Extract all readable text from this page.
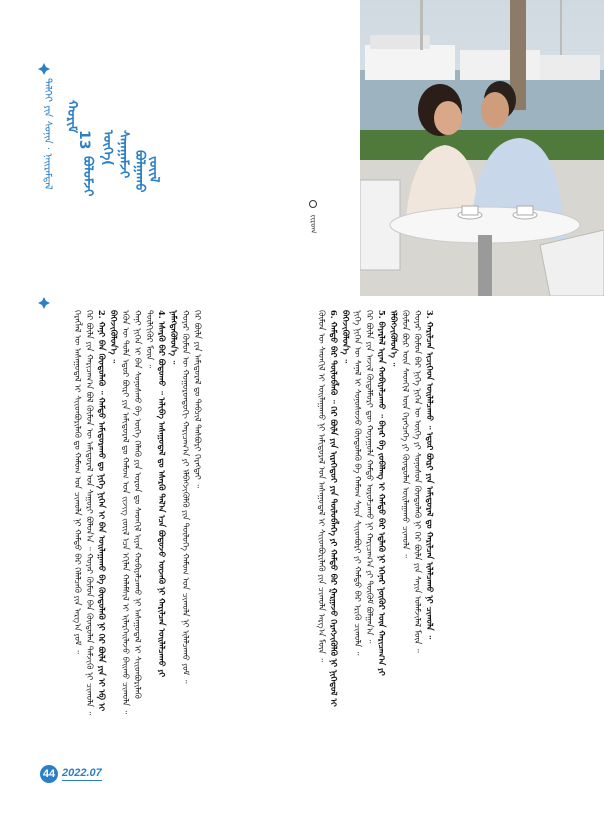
ᠳᠡᠯᠬᠡᠢ ᠶᠢᠨ ᠰᠤᠨᠢᠨ · ᠨᠠᠢᠷᠠᠮᠳᠠᠯ ᠬᠤᠷᠢᠮ
13
ᠪᠤᠯᠤᠮᠵᠢ
ᠦᠭᠡ
( ᠰᠠᠨᠠᠭᠠᠮᠵᠢ ᠪᠤᠯᠭᠠᠬᠤ ᠵᠦᠢᠯ
ᠵᠢᠷᠤᠭ

ᠬᠡᠷᠡᠭᠯᠡᠯ ᠦ ᠠᠰᠠᠭᠤᠳᠠᠯ ᠢ ᠰᠢᠢᠳᠪᠦᠷᠢᠯᠡᠬᠦ ᠳᠤ ᠬᠠᠮᠤᠭ ᠤᠨ ᠴᠢᠬᠤᠯᠠ ᠨᠢ ᠬᠠᠮᠲᠤ ᠪᠠᠷ ᠬᠡᠯᠡᠯᠴᠡᠬᠦ ᠶᠢᠨ ᠠᠷᠭ᠎ᠠ ᠶᠤᠮ ᠃ ᠭᠡᠷ ᠪᠦᠯᠡ ᠶᠢᠨ ᠬᠠᠷᠢᠴᠠᠭ᠎ᠠ ᠪᠤᠯ ᠬᠦᠮᠦᠨ ᠦ ᠠᠮᠢᠳᠤᠷᠠᠯ ᠤᠨ ᠰᠠᠭᠤᠷᠢ ᠪᠤᠯᠤᠨ᠎ᠠ ᠃ ᠬᠣᠶᠠᠷ ᠬᠦᠮᠦᠨ ᠪᠡᠨ ᠬᠦᠨᠳᠦᠯᠡᠨ ᠳᠡᠮᠵᠢᠬᠦ ᠨᠢ ᠴᠢᠬᠤᠯᠠ ᠃ 2. ᠬᠠᠨᠢ ᠪᠡᠨ ᠬᠦᠨᠳᠦᠯᠡᠬᠦ ᠃ ᠬᠠᠮᠲᠤ ᠠᠮᠢᠳᠤᠷᠠᠬᠤ ᠳᠤ ᠨᠢᠭᠡ ᠨᠢᠭᠡᠨ ᠢ ᠪᠡᠨ ᠣᠢᠯᠠᠭᠠᠬᠤ ᠪᠠ ᠬᠦᠨᠳᠦᠯᠡᠬᠦ ᠨᠢ ᠭᠡᠷ ᠪᠦᠯᠡ ᠶᠢᠨ ᠡᠶ ᠡᠪ ᠢ ᠪᠡᠭᠡᠵᠢᠭᠦᠯᠦᠨ᠎ᠡ ᠃ ᠡᠭᠦᠨ ᠦ ᠲᠤᠯᠠ ᠡᠳᠦᠷ ᠪᠦᠷᠢ ᠶᠢᠨ ᠠᠮᠢᠳᠤᠷᠠᠯ ᠳᠤ ᠬᠠᠮᠤᠭ ᠤᠨ ᠵᠢᠵᠢᠭ ᠵᠦᠢᠯ ᠡᠴᠡ ᠡᠬᠢᠯᠡᠨ ᠬᠠᠯᠠᠮᠰᠢᠯ ᠢ ᠢᠯᠡᠷᠬᠡᠢᠯᠡᠵᠦ ᠪᠠᠢᠬᠤ ᠴᠢᠬᠤᠯᠠ ᠃ ᠬᠠᠨᠢ ᠨᠢᠭᠡᠨ ᠢ ᠪᠡᠨ ᠰᠣᠨᠣᠰᠬᠤ ᠪᠠ ᠦᠭᠡ ᠬᠡᠯᠡᠬᠦ ᠶᠢᠨ ᠣᠷᠣᠨ ᠳᠤ ᠰᠡᠳᠬᠢᠯ ᠢᠶᠡᠨ ᠬᠤᠪᠢᠶᠠᠯᠴᠠᠬᠤ ᠨᠢ ᠠᠰᠠᠭᠤᠳᠠᠯ ᠢ ᠰᠢᠢᠳᠪᠦᠷᠢᠯᠡᠬᠦ ᠲᠦᠯᠬᠢᠭᠦᠷ ᠮᠥᠨ ᠃ 4. ᠡᠰᠡᠷᠭᠦ ᠪᠡᠷ ᠪᠤᠳᠤᠬᠤ ᠃ ᠠᠯᠢᠪᠠ ᠠᠰᠠᠭᠤᠳᠠᠯ ᠳᠤ ᠡᠰᠡᠷᠭᠦ ᠲᠠᠯ᠎ᠠ ᠡᠴᠡ ᠪᠤᠳᠤᠵᠤ ᠦᠵᠡᠬᠦ ᠨᠢ ᠬᠠᠷᠢᠯᠴᠠᠨ ᠣᠢᠯᠠᠯᠴᠠᠬᠤ ᠶᠢ ᠨᠡᠮᠡᠭᠳᠡᠭᠦᠯᠦᠨ᠎ᠡ ᠃ ᠬᠣᠶᠠᠷ ᠬᠦᠮᠦᠨ ᠦ ᠬᠣᠭᠣᠷᠣᠨᠳᠣᠬᠢ ᠬᠠᠷᠢᠴᠠᠭ᠎ᠠ ᠶᠢ ᠡᠯᠪᠡᠭᠵᠢᠭᠦᠯᠬᠦ ᠶᠢᠨ ᠲᠥᠯᠦᠭᠡ ᠬᠠᠮᠤᠭ ᠤᠨ ᠴᠢᠬᠤᠯᠠ ᠨᠢ ᠢᠯᠠᠯᠴᠠᠬᠤ ᠶᠤᠮ ᠃ ᠭᠡᠷ ᠪᠦᠯᠡ ᠶᠢᠨ ᠠᠮᠢᠳᠤᠷᠠᠯ ᠳᠤ ᠲᠡᠪᠴᠢᠯ ᠲᠡᠰᠪᠦᠷᠢ ᠬᠡᠷᠡᠭᠲᠡᠢ ᠃	ᠬᠦᠮᠦᠨ ᠦ ᠰᠡᠳᠬᠢᠯ ᠢ ᠣᠢᠯᠠᠭᠠᠬᠤ ᠨᠢ ᠠᠮᠢᠳᠤᠷᠠᠯ ᠤᠨ ᠠᠰᠠᠭᠤᠳᠠᠯ ᠢ ᠰᠢᠢᠳᠪᠦᠷᠢᠯᠡᠬᠦ ᠶᠢᠨ ᠴᠢᠬᠤᠯᠠ ᠠᠷᠭ᠎ᠠ ᠮᠥᠨ ᠃ 6. ᠬᠠᠮᠲᠤ ᠪᠠᠷ ᠲᠥᠯᠦᠪᠯᠡᠬᠦ ᠃ ᠭᠡᠷ ᠪᠦᠯᠡ ᠶᠢᠨ ᠢᠷᠡᠭᠡᠳᠦᠢ ᠶᠢᠨ ᠲᠥᠯᠦᠪᠯᠡᠭᠡ ᠶᠢ ᠬᠠᠮᠲᠤ ᠪᠠᠷ ᠭᠠᠷᠭᠠᠵᠤ ᠬᠡᠷᠡᠭᠵᠢᠭᠦᠯᠬᠦ ᠨᠢ ᠨᠢᠭᠡᠳᠦᠯ ᠢ ᠪᠡᠭᠡᠵᠢᠭᠦᠯᠦᠨ᠎ᠡ ᠃ ᠨᠢᠭᠡ ᠨᠢᠭᠡᠨ ᠦ ᠰᠠᠨᠠᠯ ᠢ ᠰᠣᠨᠣᠰᠤᠵᠤ ᠬᠦᠨᠳᠦᠯᠡᠬᠦ ᠪᠠ ᠬᠠᠮᠤᠭ ᠰᠠᠶᠢᠨ ᠰᠢᠢᠳᠪᠦᠷᠢ ᠶᠢ ᠬᠠᠮᠲᠤ ᠪᠠᠷ ᠡᠷᠢᠬᠦ ᠴᠢᠬᠤᠯᠠ ᠃ ᠭᠡᠷ ᠪᠦᠯᠡ ᠶᠢᠨ ᠠᠵᠢᠯ ᠬᠦᠳᠡᠯᠮᠦᠷᠢ ᠳᠦ ᠬᠣᠶᠠᠭᠤᠯᠠ ᠬᠠᠮᠲᠤ ᠣᠷᠣᠯᠴᠠᠬᠤ ᠨᠢ ᠬᠠᠷᠢᠴᠠᠭ᠎ᠠ ᠶᠢ ᠳᠥᠬᠥᠮ ᠪᠣᠯᠭᠠᠨ᠎ᠠ ᠃ 5. ᠪᠠᠶᠠᠷᠯᠠᠯ ᠢᠶᠠᠨ ᠬᠤᠪᠢᠶᠠᠯᠴᠠᠬᠤ ᠃ ᠪᠠᠶᠠᠷ ᠪᠠ ᠵᠣᠪᠠᠯᠠᠩ ᠢ ᠬᠠᠮᠲᠤ ᠪᠠᠷ ᠡᠳ᠋ᠯᠡᠬᠦ ᠨᠢ ᠡᠬᠡᠨᠡᠷ ᠨᠥᠬᠥᠷ ᠦᠨ ᠬᠠᠷᠢᠴᠠᠭ᠎ᠠ ᠶᠢ ᠡᠯᠪᠡᠭᠵᠢᠭᠦᠯᠦᠨ᠎ᠡ ᠃ ᠬᠦᠮᠦᠨ ᠪᠦᠷ ᠦᠨ ᠰᠡᠳᠬᠢᠯ ᠦᠨ ᠬᠡᠷᠡᠭᠴᠡᠭᠡ ᠶᠢ ᠬᠦᠨᠳᠦᠯᠡᠨ ᠣᠢᠯᠠᠭᠠᠬᠤ ᠴᠢᠬᠤᠯᠠ ᠃ ᠬᠣᠶᠠᠷ ᠬᠦᠮᠦᠨ ᠪᠡᠷ ᠨᠢᠭᠡ ᠨᠢᠭᠡᠨ ᠦ ᠦᠭᠡ ᠶᠢ ᠰᠣᠨᠣᠰᠤᠨ ᠬᠦᠨᠳᠦᠯᠡᠬᠦ ᠨᠢ ᠭᠡᠷ ᠪᠦᠯᠡ ᠶᠢᠨ ᠰᠠᠶᠢᠨ ᠤᠯᠠᠮᠵᠢᠯᠠᠯ ᠮᠥᠨ ᠃ 3. ᠬᠠᠷᠢᠯᠴᠠᠨ ᠢᠴᠢᠭᠡᠳ ᠣᠢᠯᠠᠯᠴᠠᠬᠤ ᠃ ᠡᠳᠦᠷ ᠪᠦᠷᠢ ᠶᠢᠨ ᠠᠮᠢᠳᠤᠷᠠᠯ ᠳᠤ ᠬᠠᠷᠢᠯᠴᠠᠨ ᠢᠯᠠᠯᠴᠠᠬᠤ ᠨᠢ ᠴᠢᠬᠤᠯᠠ ᠃

44 2022.07
